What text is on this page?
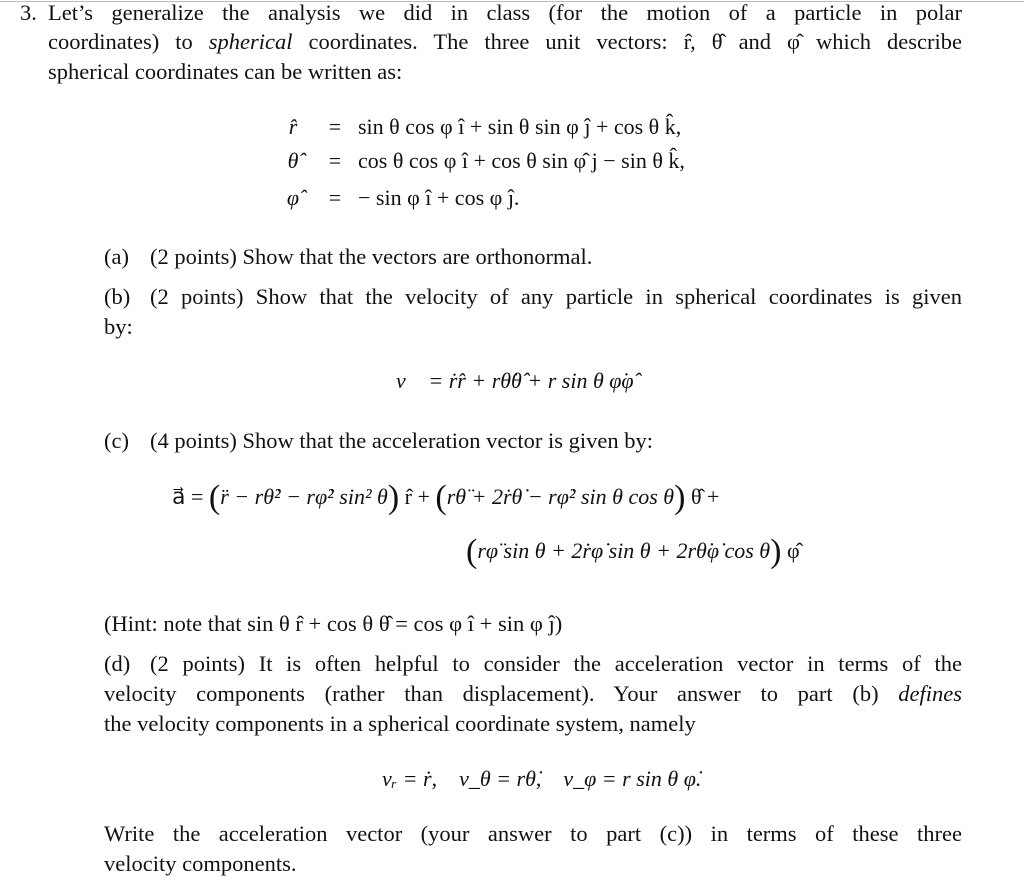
3. Let’s generalize the analysis we did in class (for the motion of a particle in polar
coordinates) to spherical coordinates. The three unit vectors: r̂, θ̂ and φ̂ which describe
spherical coordinates can be written as:
r̂	= sin θ cos φ î + sin θ sin φ ĵ + cos θ k̂,
θ̂	= cos θ cos φ î + cos θ sin φ̂ j − sin θ k̂,
φ̂	= − sin φ î + cos φ ĵ.
(a) (2 points) Show that the vectors are orthonormal.
(b) (2 points) Show that the velocity of any particle in spherical coordinates is given
by:
v⃗ = ṙr̂ + rθ̇θ̂ + r sin θ φ̇φ̂
(c) (4 points) Show that the acceleration vector is given by:
a⃗ = (r̈ − rθ̇² − rφ̇² sin² θ) r̂ + (rθ̈ + 2ṙθ̇ − rφ̇² sin θ cos θ) θ̂ +
(rφ̈ sin θ + 2ṙφ̇ sin θ + 2rθ̇φ̇ cos θ) φ̂
(Hint: note that sin θ r̂ + cos θ θ̂ = cos φ î + sin φ ĵ)
(d) (2 points) It is often helpful to consider the acceleration vector in terms of the
velocity components (rather than displacement). Your answer to part (b) defines
the velocity components in a spherical coordinate system, namely
vᵣ = ṙ,    v_θ = rθ̇,    v_φ = r sin θ φ̇.
Write the acceleration vector (your answer to part (c)) in terms of these three
velocity components.
